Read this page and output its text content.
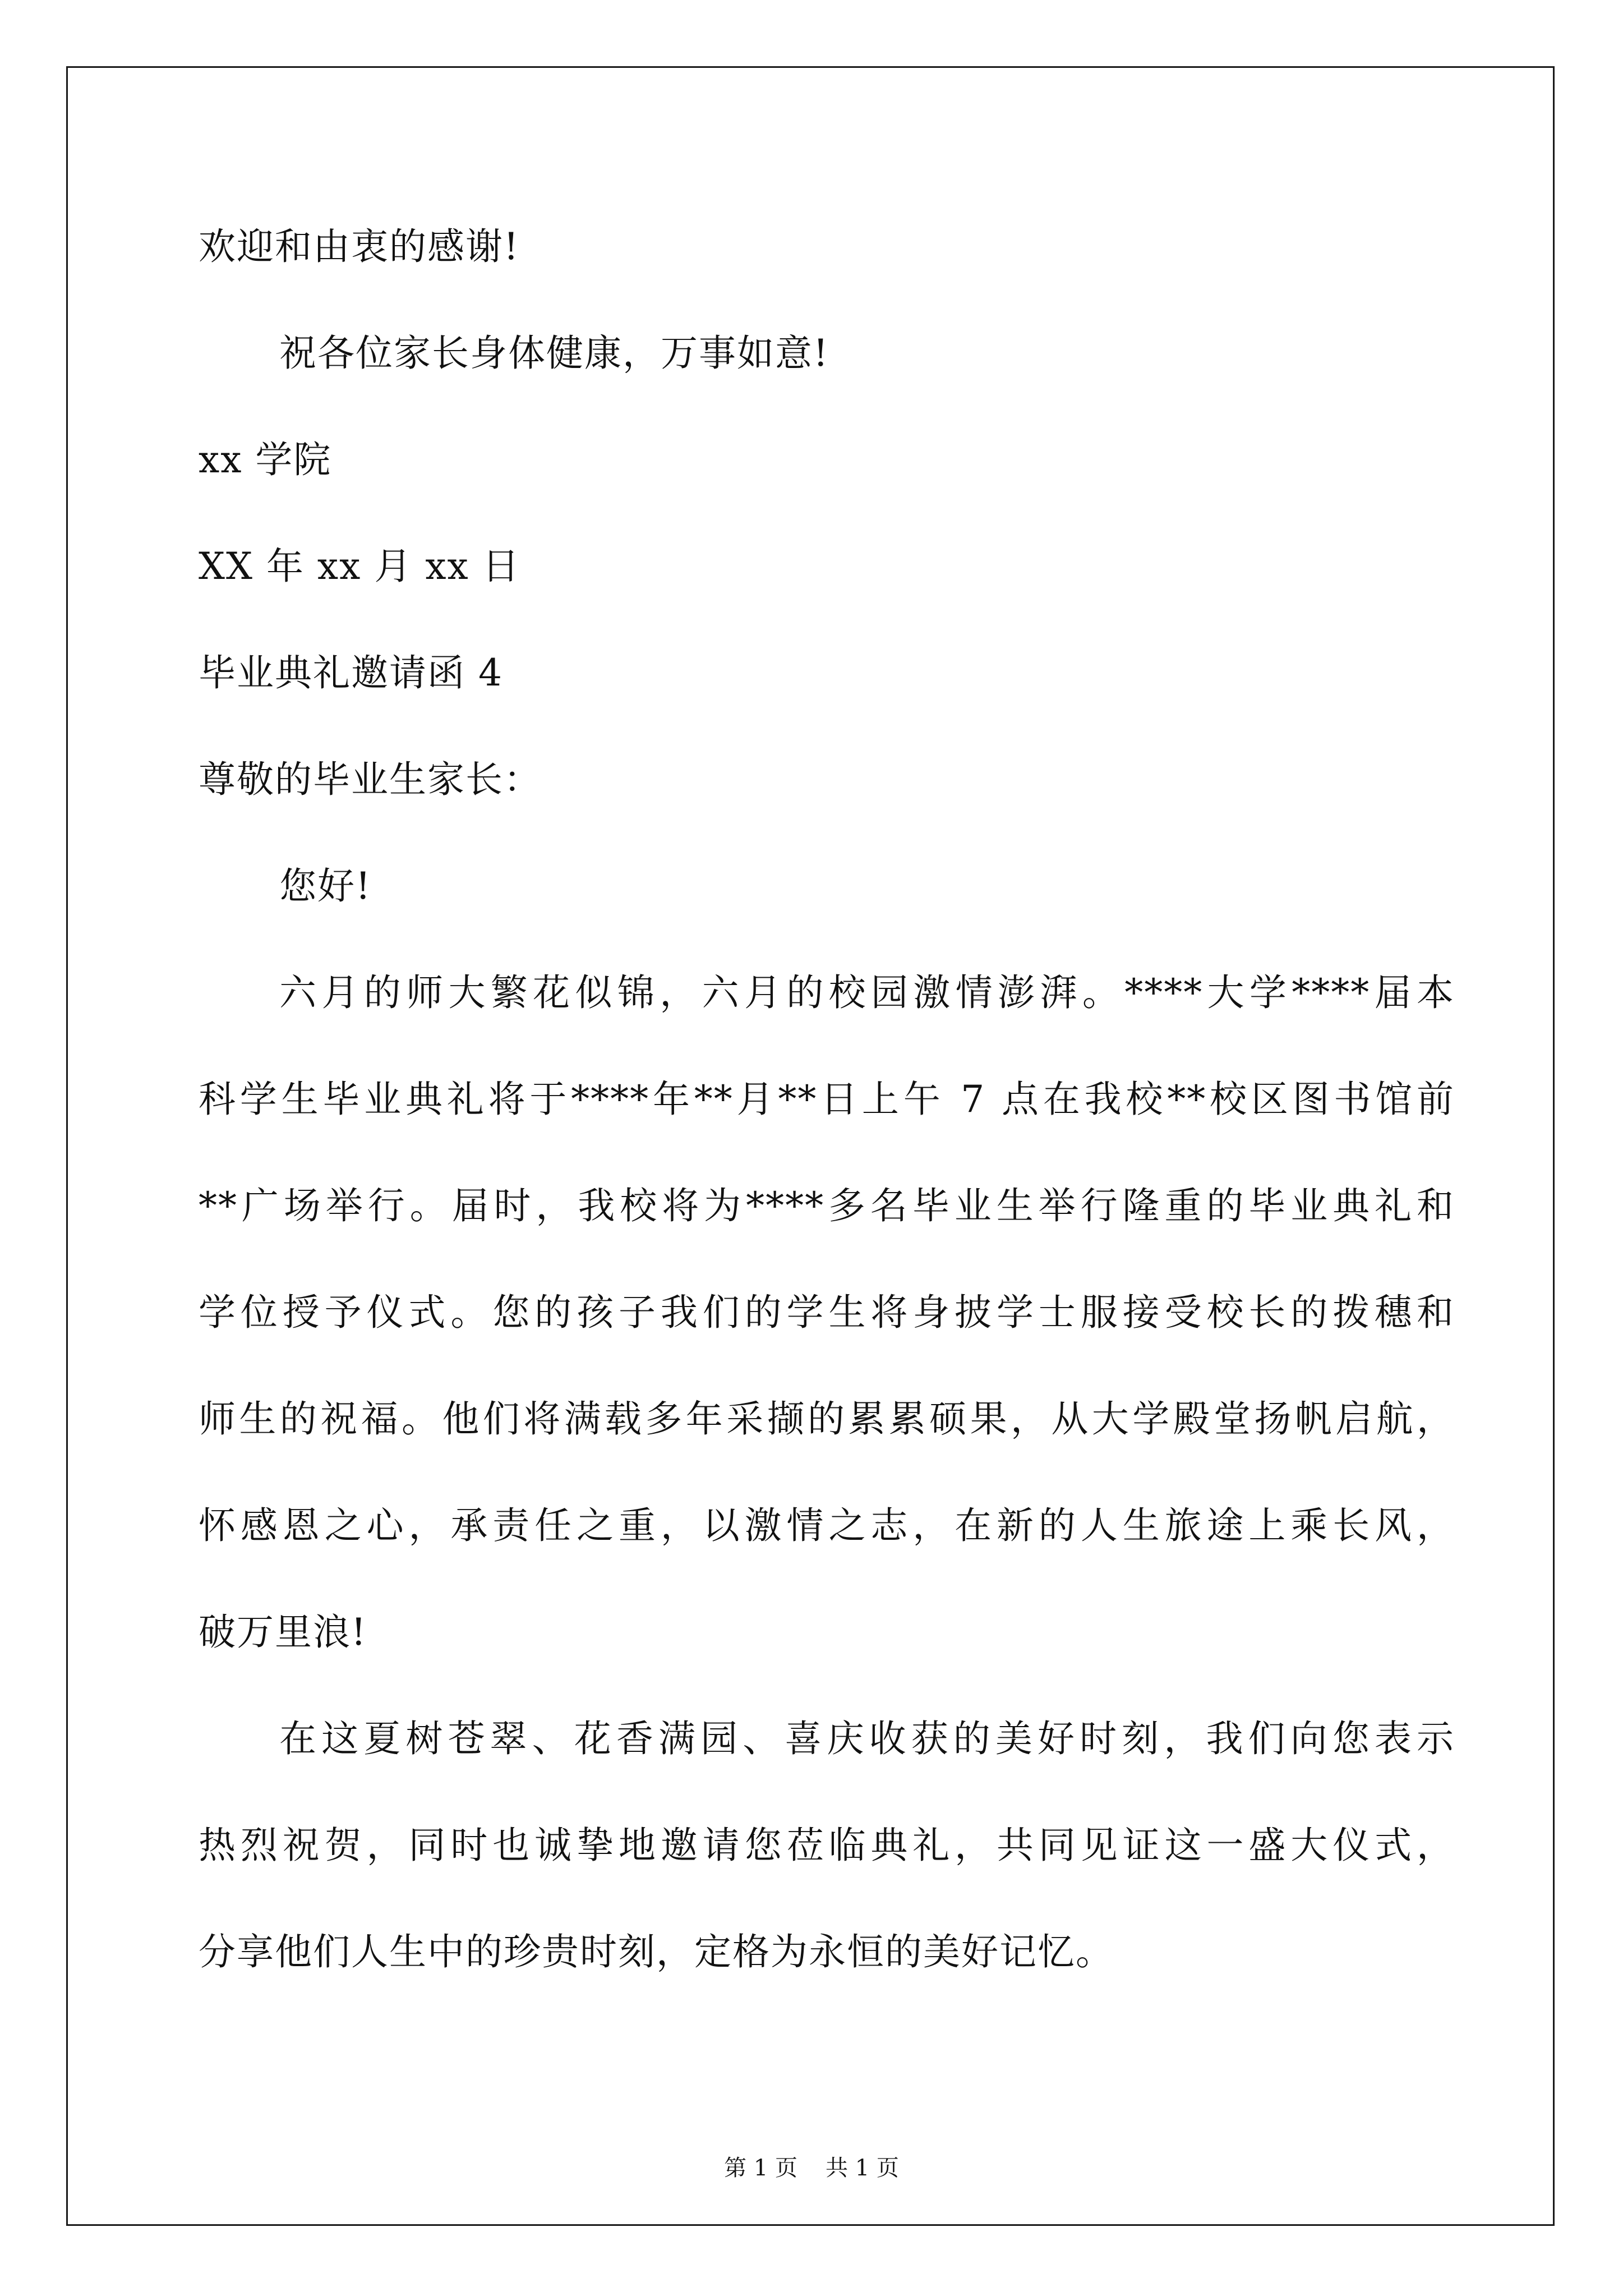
欢迎和由衷的感谢!
祝各位家长身体健康，万事如意!
xx 学院
XX 年 xx 月 xx 日
毕业典礼邀请函 4
尊敬的毕业生家长：
您好!
六月的师大繁花似锦，六月的校园激情澎湃。****大学****届本
科学生毕业典礼将于****年**月**日上午 7 点在我校**校区图书馆前
**广场举行。届时，我校将为****多名毕业生举行隆重的毕业典礼和
学位授予仪式。您的孩子我们的学生将身披学士服接受校长的拨穗和
师生的祝福。他们将满载多年采撷的累累硕果，从大学殿堂扬帆启航，
怀感恩之心，承责任之重，以激情之志，在新的人生旅途上乘长风，
破万里浪!
在这夏树苍翠、花香满园、喜庆收获的美好时刻，我们向您表示
热烈祝贺，同时也诚挚地邀请您莅临典礼，共同见证这一盛大仪式，
分享他们人生中的珍贵时刻，定格为永恒的美好记忆。
第 1 页 共 1 页
